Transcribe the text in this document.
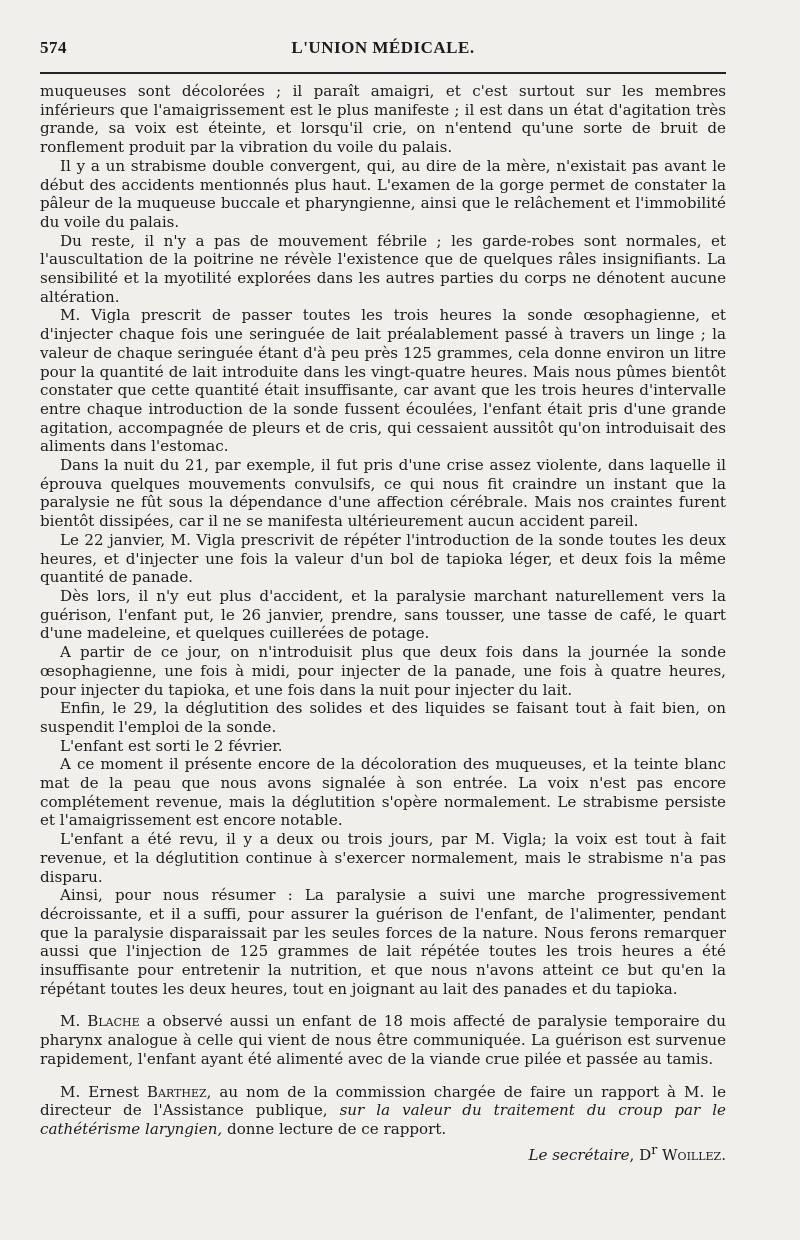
574	L'UNION MÉDICALE.

muqueuses sont décolorées ; il paraît amaigri, et c'est surtout sur les membres inférieurs que l'amaigrissement est le plus manifeste ; il est dans un état d'agitation très grande, sa voix est éteinte, et lorsqu'il crie, on n'entend qu'une sorte de bruit de ronflement produit par la vibration du voile du palais.

Il y a un strabisme double convergent, qui, au dire de la mère, n'existait pas avant le début des accidents mentionnés plus haut. L'examen de la gorge permet de constater la pâleur de la muqueuse buccale et pharyngienne, ainsi que le relâchement et l'immobilité du voile du palais.

Du reste, il n'y a pas de mouvement fébrile ; les garde-robes sont normales, et l'auscultation de la poitrine ne révèle l'existence que de quelques râles insignifiants. La sensibilité et la myotilité explorées dans les autres parties du corps ne dénotent aucune altération.

M. Vigla prescrit de passer toutes les trois heures la sonde œsophagienne, et d'injecter chaque fois une seringuée de lait préalablement passé à travers un linge ; la valeur de chaque seringuée étant d'à peu près 125 grammes, cela donne environ un litre pour la quantité de lait introduite dans les vingt-quatre heures. Mais nous pûmes bientôt constater que cette quantité était insuffisante, car avant que les trois heures d'intervalle entre chaque introduction de la sonde fussent écoulées, l'enfant était pris d'une grande agitation, accompagnée de pleurs et de cris, qui cessaient aussitôt qu'on introduisait des aliments dans l'estomac.

Dans la nuit du 21, par exemple, il fut pris d'une crise assez violente, dans laquelle il éprouva quelques mouvements convulsifs, ce qui nous fit craindre un instant que la paralysie ne fût sous la dépendance d'une affection cérébrale. Mais nos craintes furent bientôt dissipées, car il ne se manifesta ultérieurement aucun accident pareil.

Le 22 janvier, M. Vigla prescrivit de répéter l'introduction de la sonde toutes les deux heures, et d'injecter une fois la valeur d'un bol de tapioka léger, et deux fois la même quantité de panade.

Dès lors, il n'y eut plus d'accident, et la paralysie marchant naturellement vers la guérison, l'enfant put, le 26 janvier, prendre, sans tousser, une tasse de café, le quart d'une madeleine, et quelques cuillerées de potage.

A partir de ce jour, on n'introduisit plus que deux fois dans la journée la sonde œsophagienne, une fois à midi, pour injecter de la panade, une fois à quatre heures, pour injecter du tapioka, et une fois dans la nuit pour injecter du lait.

Enfin, le 29, la déglutition des solides et des liquides se faisant tout à fait bien, on suspendit l'emploi de la sonde.

L'enfant est sorti le 2 février.

A ce moment il présente encore de la décoloration des muqueuses, et la teinte blanc mat de la peau que nous avons signalée à son entrée. La voix n'est pas encore complétement revenue, mais la déglutition s'opère normalement. Le strabisme persiste et l'amaigrissement est encore notable.

L'enfant a été revu, il y a deux ou trois jours, par M. Vigla; la voix est tout à fait revenue, et la déglutition continue à s'exercer normalement, mais le strabisme n'a pas disparu.

Ainsi, pour nous résumer : La paralysie a suivi une marche progressivement décroissante, et il a suffi, pour assurer la guérison de l'enfant, de l'alimenter, pendant que la paralysie disparaissait par les seules forces de la nature. Nous ferons remarquer aussi que l'injection de 125 grammes de lait répétée toutes les trois heures a été insuffisante pour entretenir la nutrition, et que nous n'avons atteint ce but qu'en la répétant toutes les deux heures, tout en joignant au lait des panades et du tapioka.

M. Blache a observé aussi un enfant de 18 mois affecté de paralysie temporaire du pharynx analogue à celle qui vient de nous être communiquée. La guérison est survenue rapidement, l'enfant ayant été alimenté avec de la viande crue pilée et passée au tamis.

M. Ernest Barthez, au nom de la commission chargée de faire un rapport à M. le directeur de l'Assistance publique, sur la valeur du traitement du croup par le cathétérisme laryngien, donne lecture de ce rapport.

Le secrétaire, $D^r$ Woillez.
